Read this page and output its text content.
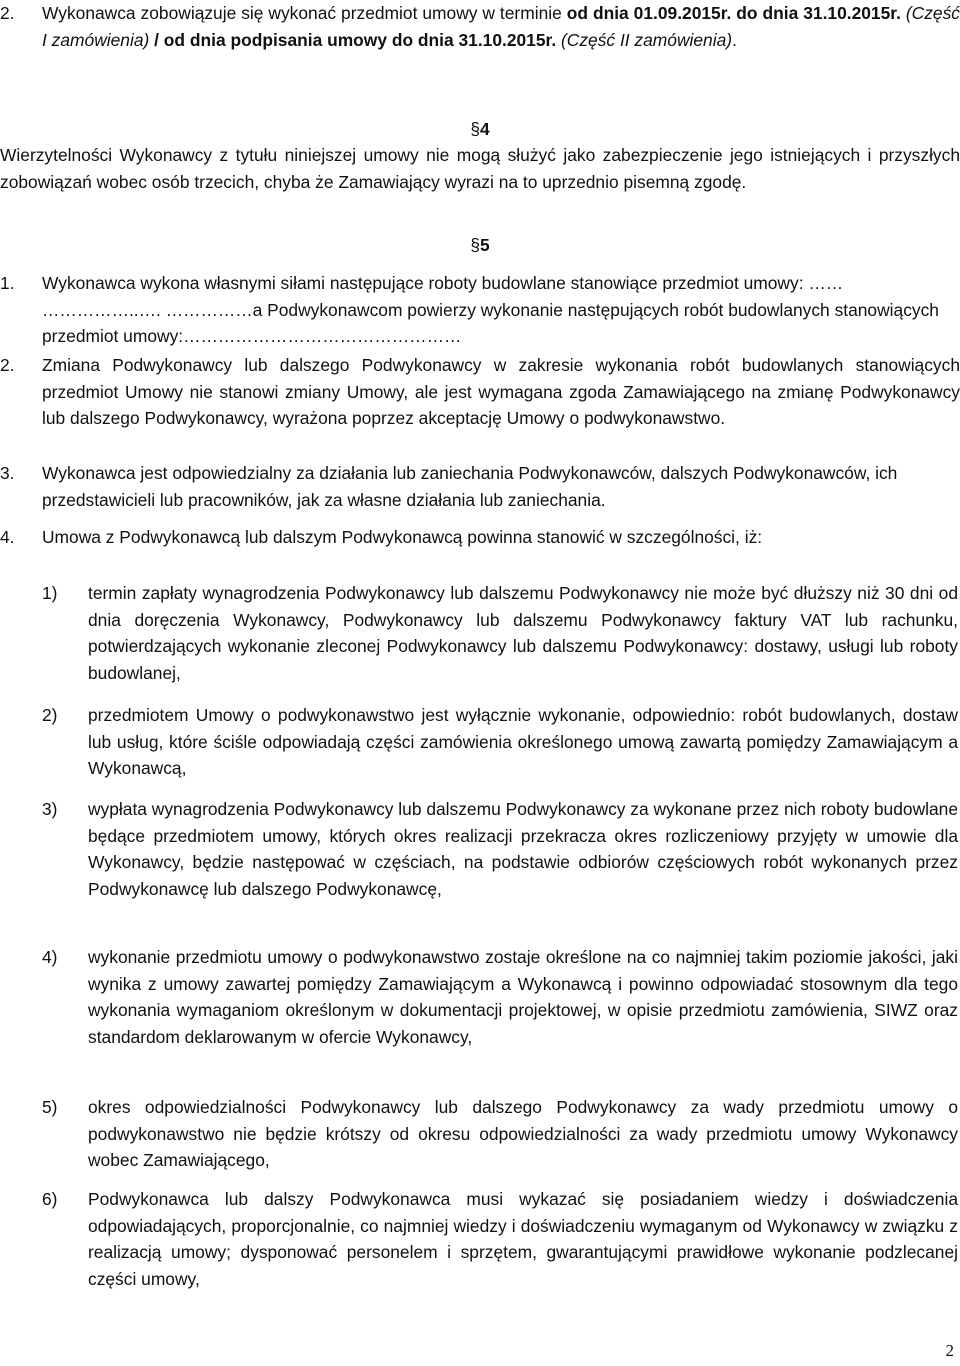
2.	Wykonawca zobowiązuje się wykonać przedmiot umowy w terminie od dnia 01.09.2015r. do dnia 31.10.2015r. (Część I zamówienia) / od dnia podpisania umowy do dnia 31.10.2015r. (Część II zamówienia).

§4

Wierzytelności Wykonawcy z tytułu niniejszej umowy nie mogą służyć jako zabezpieczenie jego istniejących i przyszłych zobowiązań wobec osób trzecich, chyba że Zamawiający wyrazi na to uprzednio pisemną zgodę.

§5

1.	Wykonawca wykona własnymi siłami następujące roboty budowlane stanowiące przedmiot umowy: …… ……………..…. ……………a Podwykonawcom powierzy wykonanie następujących robót budowlanych stanowiących przedmiot umowy:…………………………………………

2.	Zmiana Podwykonawcy lub dalszego Podwykonawcy w zakresie wykonania robót budowlanych stanowiących przedmiot Umowy nie stanowi zmiany Umowy, ale jest wymagana zgoda Zamawiającego na zmianę Podwykonawcy lub dalszego Podwykonawcy, wyrażona poprzez akceptację Umowy o podwykonawstwo.

3.	Wykonawca jest odpowiedzialny za działania lub zaniechania Podwykonawców, dalszych Podwykonawców, ich przedstawicieli lub pracowników, jak za własne działania lub zaniechania.

4.	Umowa z Podwykonawcą lub dalszym Podwykonawcą powinna stanowić w szczególności, iż:

1)	termin zapłaty wynagrodzenia Podwykonawcy lub dalszemu Podwykonawcy nie może być dłuższy niż 30 dni od dnia doręczenia Wykonawcy, Podwykonawcy lub dalszemu Podwykonawcy faktury VAT lub rachunku, potwierdzających wykonanie zleconej Podwykonawcy lub dalszemu Podwykonawcy: dostawy, usługi lub roboty budowlanej,

2)	przedmiotem Umowy o podwykonawstwo jest wyłącznie wykonanie, odpowiednio: robót budowlanych, dostaw lub usług, które ściśle odpowiadają części zamówienia określonego umową zawartą pomiędzy Zamawiającym a Wykonawcą,

3)	wypłata wynagrodzenia Podwykonawcy lub dalszemu Podwykonawcy za wykonane przez nich roboty budowlane będące przedmiotem umowy, których okres realizacji przekracza okres rozliczeniowy przyjęty w umowie dla Wykonawcy, będzie następować w częściach, na podstawie odbiorów częściowych robót wykonanych przez Podwykonawcę lub dalszego Podwykonawcę,

4)	wykonanie przedmiotu umowy o podwykonawstwo zostaje określone na co najmniej takim poziomie jakości, jaki wynika z umowy zawartej pomiędzy Zamawiającym a Wykonawcą i powinno odpowiadać stosownym dla tego wykonania wymaganiom określonym w dokumentacji projektowej, w opisie przedmiotu zamówienia, SIWZ oraz standardom deklarowanym w ofercie Wykonawcy,

5)	okres odpowiedzialności Podwykonawcy lub dalszego Podwykonawcy za wady przedmiotu umowy o podwykonawstwo nie będzie krótszy od okresu odpowiedzialności za wady przedmiotu umowy Wykonawcy wobec Zamawiającego,

6)	Podwykonawca lub dalszy Podwykonawca musi wykazać się posiadaniem wiedzy i doświadczenia odpowiadających, proporcjonalnie, co najmniej wiedzy i doświadczeniu wymaganym od Wykonawcy w związku z realizacją umowy; dysponować personelem i sprzętem, gwarantującymi prawidłowe wykonanie podzlecanej części umowy,

2
